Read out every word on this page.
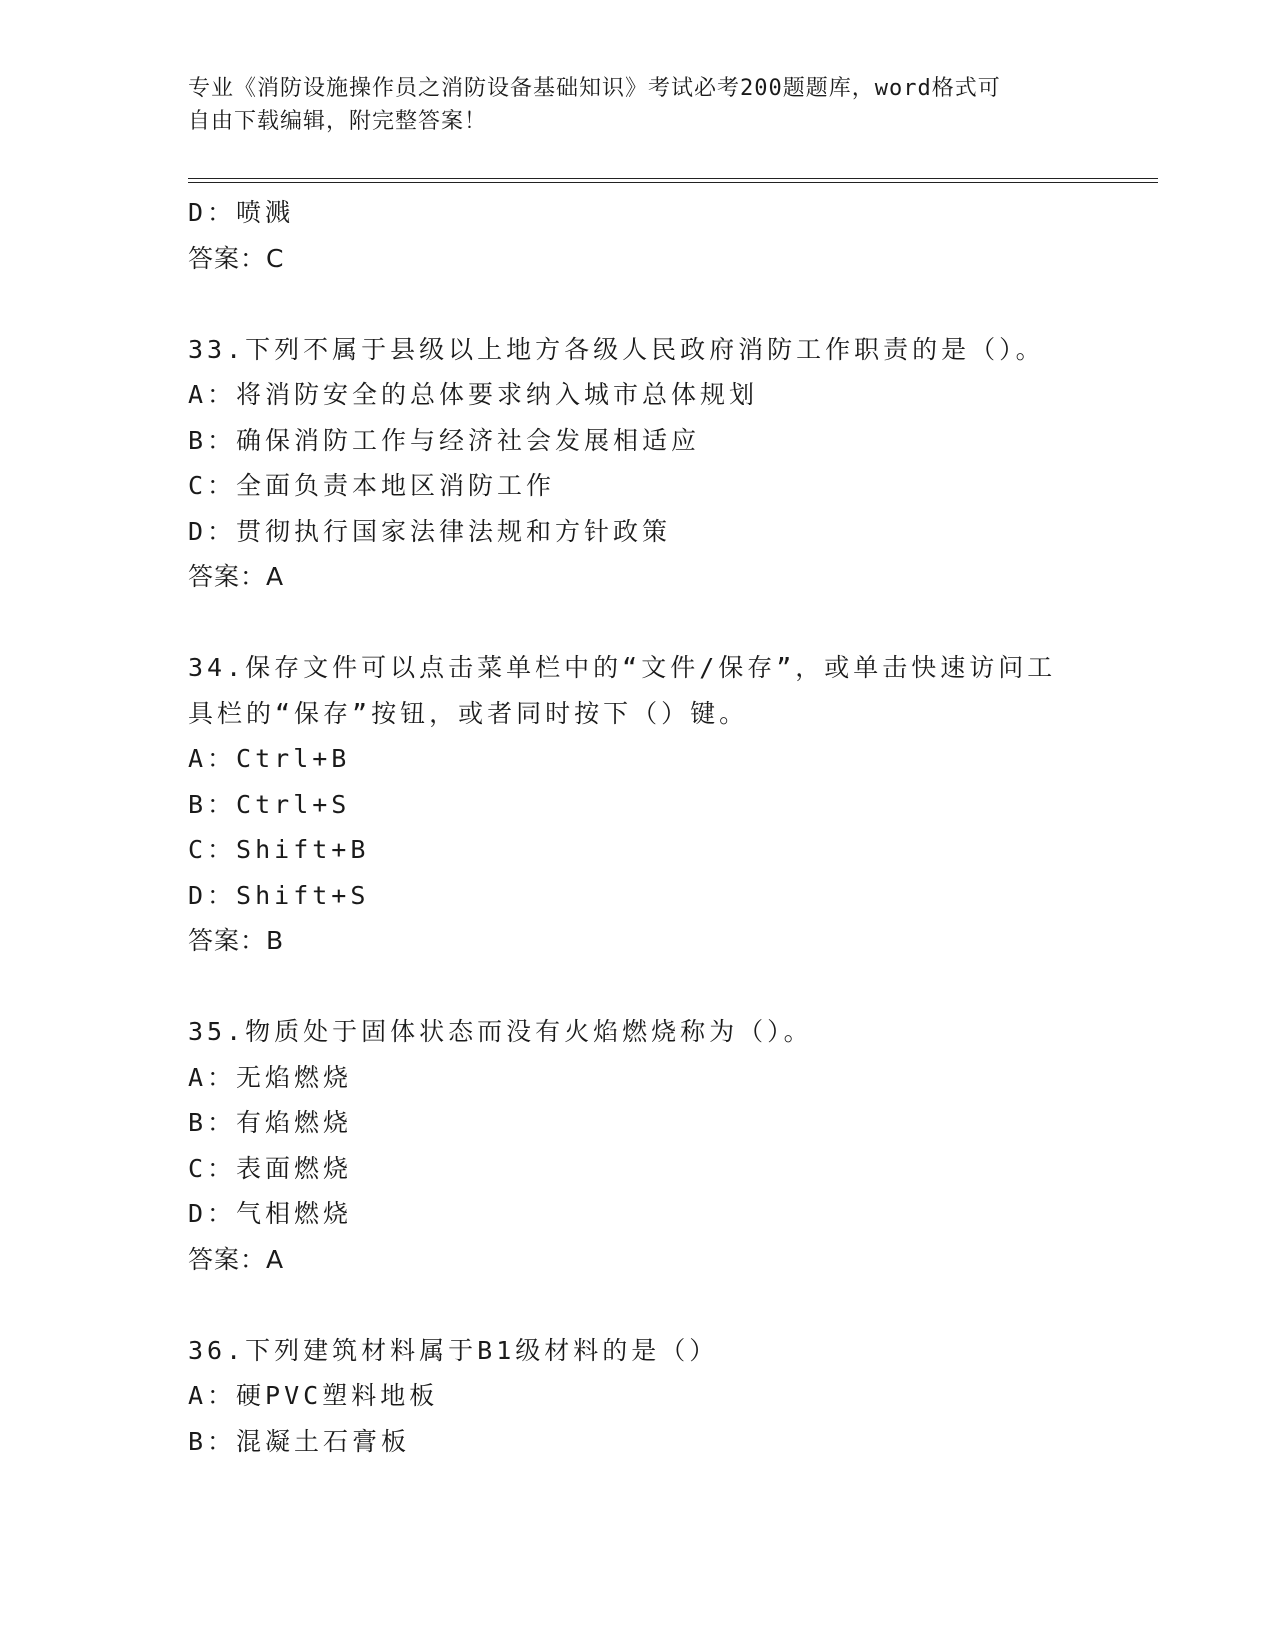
专业《消防设施操作员之消防设备基础知识》考试必考200题题库，word格式可
自由下载编辑，附完整答案！
D：喷溅
答案：C
33.下列不属于县级以上地方各级人民政府消防工作职责的是（）。
A：将消防安全的总体要求纳入城市总体规划
B：确保消防工作与经济社会发展相适应
C：全面负责本地区消防工作
D：贯彻执行国家法律法规和方针政策
答案：A
34.保存文件可以点击菜单栏中的“文件/保存”，或单击快速访问工
具栏的“保存”按钮，或者同时按下（）键。
A：Ctrl+B
B：Ctrl+S
C：Shift+B
D：Shift+S
答案：B
35.物质处于固体状态而没有火焰燃烧称为（）。
A：无焰燃烧
B：有焰燃烧
C：表面燃烧
D：气相燃烧
答案：A
36.下列建筑材料属于B1级材料的是（）
A：硬PVC塑料地板
B：混凝土石膏板
